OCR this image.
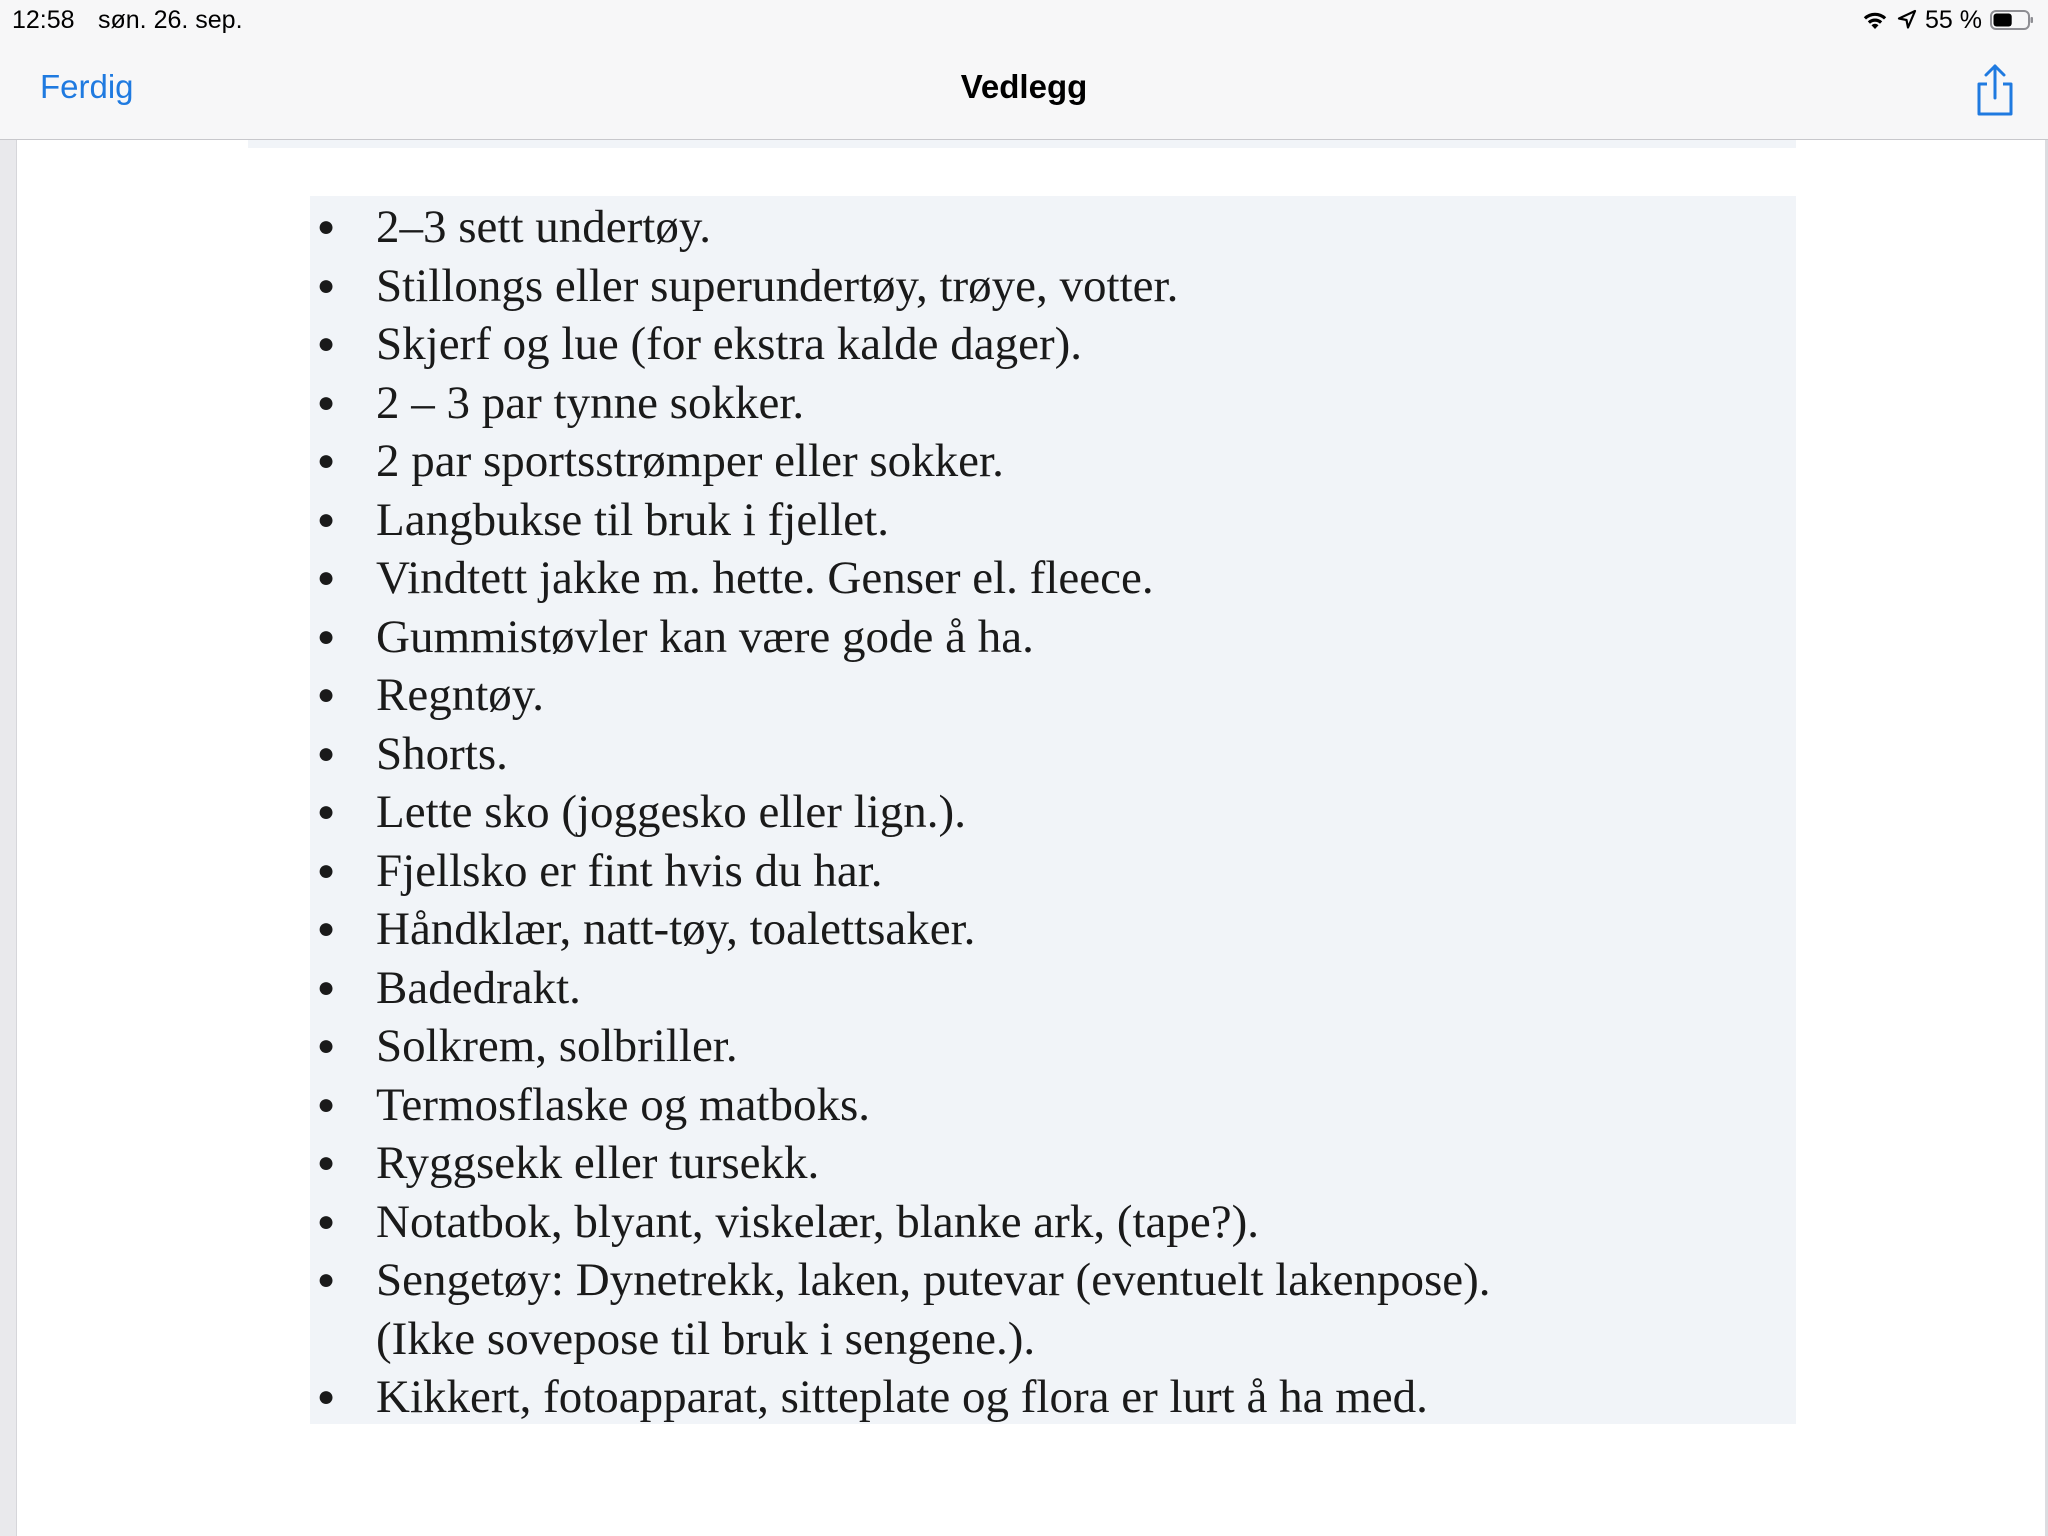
12:58 søn. 26. sep.	55 %
Ferdig	Vedlegg
● 2–3 sett undertøy.
● Stillongs eller superundertøy, trøye, votter.
● Skjerf og lue (for ekstra kalde dager).
● 2 – 3 par tynne sokker.
● 2 par sportsstrømper eller sokker.
● Langbukse til bruk i fjellet.
● Vindtett jakke m. hette. Genser el. fleece.
● Gummistøvler kan være gode å ha.
● Regntøy.
● Shorts.
● Lette sko (joggesko eller lign.).
● Fjellsko er fint hvis du har.
● Håndklær, natt-tøy, toalettsaker.
● Badedrakt.
● Solkrem, solbriller.
● Termosflaske og matboks.
● Ryggsekk eller tursekk.
● Notatbok, blyant, viskelær, blanke ark, (tape?).
● Sengetøy: Dynetrekk, laken, putevar (eventuelt lakenpose).
(Ikke sovepose til bruk i sengene.).
● Kikkert, fotoapparat, sitteplate og flora er lurt å ha med.
